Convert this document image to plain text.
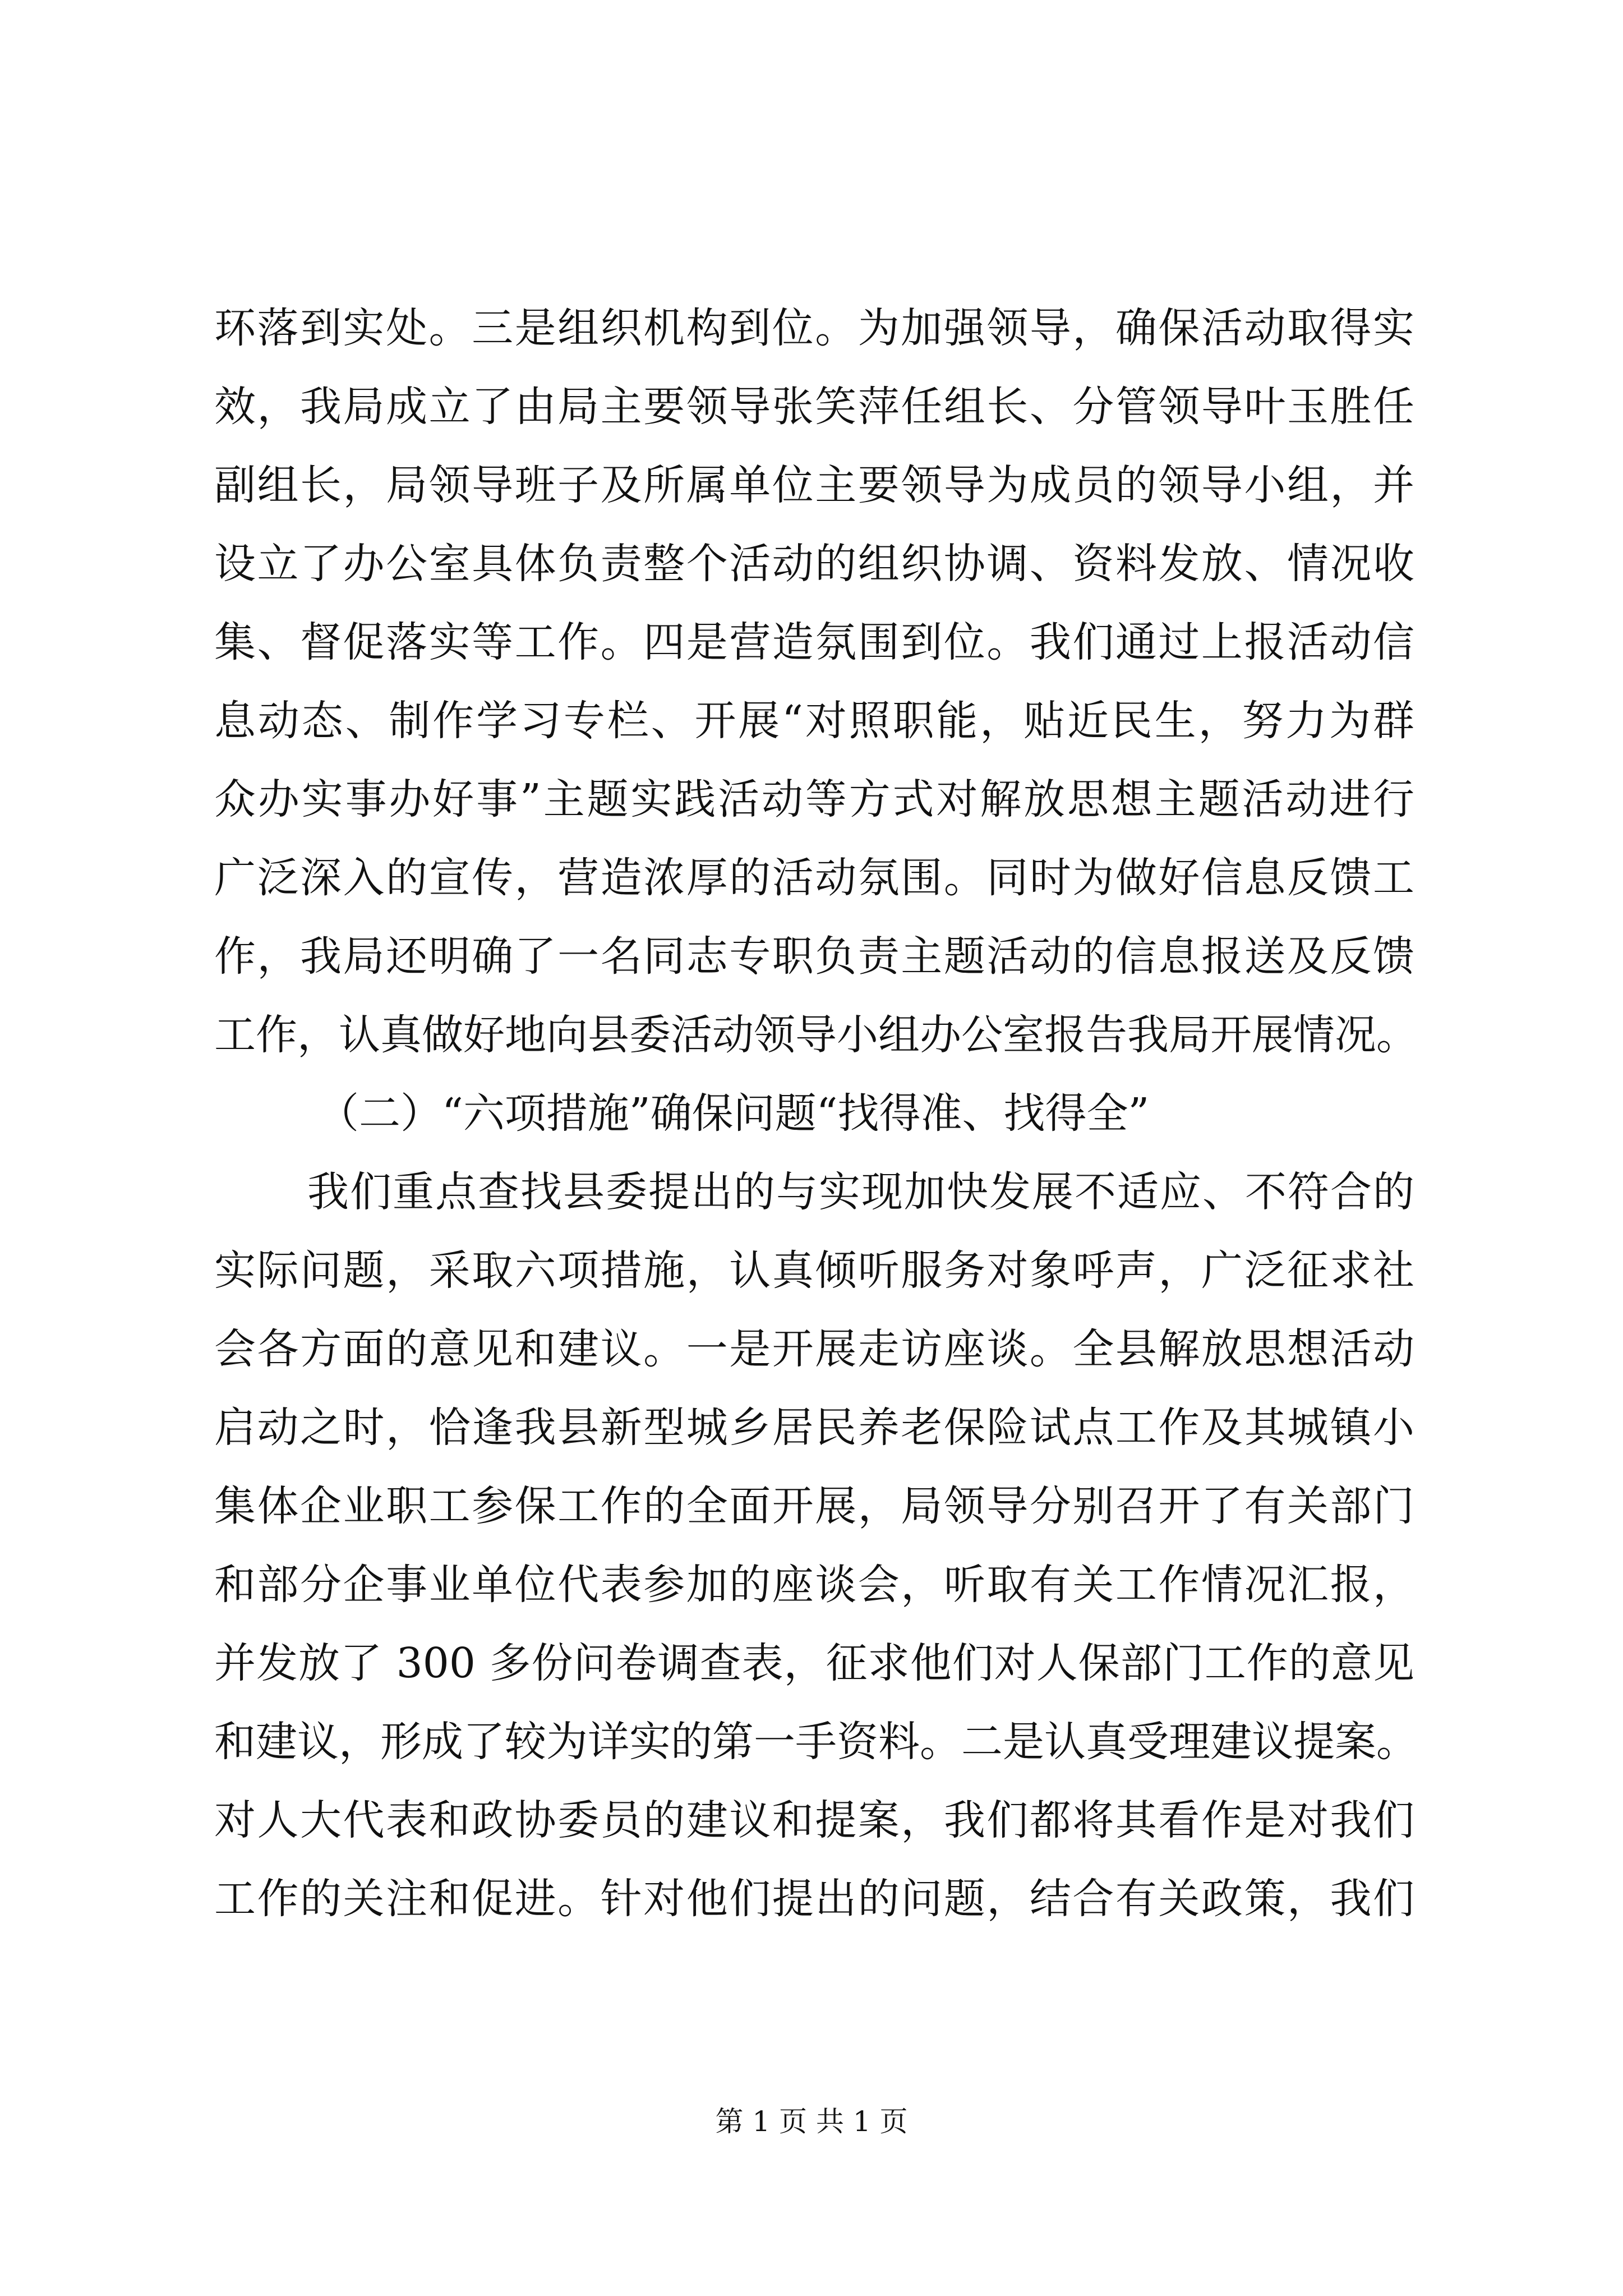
环落到实处。三是组织机构到位。为加强领导，确保活动取得实
效，我局成立了由局主要领导张笑萍任组长、分管领导叶玉胜任
副组长，局领导班子及所属单位主要领导为成员的领导小组，并
设立了办公室具体负责整个活动的组织协调、资料发放、情况收
集、督促落实等工作。四是营造氛围到位。我们通过上报活动信
息动态、制作学习专栏、开展“对照职能，贴近民生，努力为群
众办实事办好事”主题实践活动等方式对解放思想主题活动进行
广泛深入的宣传，营造浓厚的活动氛围。同时为做好信息反馈工
作，我局还明确了一名同志专职负责主题活动的信息报送及反馈
工作，认真做好地向县委活动领导小组办公室报告我局开展情况。
（二）“六项措施”确保问题“找得准、找得全”
我们重点查找县委提出的与实现加快发展不适应、不符合的
实际问题，采取六项措施，认真倾听服务对象呼声，广泛征求社
会各方面的意见和建议。一是开展走访座谈。全县解放思想活动
启动之时，恰逢我县新型城乡居民养老保险试点工作及其城镇小
集体企业职工参保工作的全面开展，局领导分别召开了有关部门
和部分企事业单位代表参加的座谈会，听取有关工作情况汇报，
并发放了 300 多份问卷调查表，征求他们对人保部门工作的意见
和建议，形成了较为详实的第一手资料。二是认真受理建议提案。
对人大代表和政协委员的建议和提案，我们都将其看作是对我们
工作的关注和促进。针对他们提出的问题，结合有关政策，我们
第 1 页 共 1 页
